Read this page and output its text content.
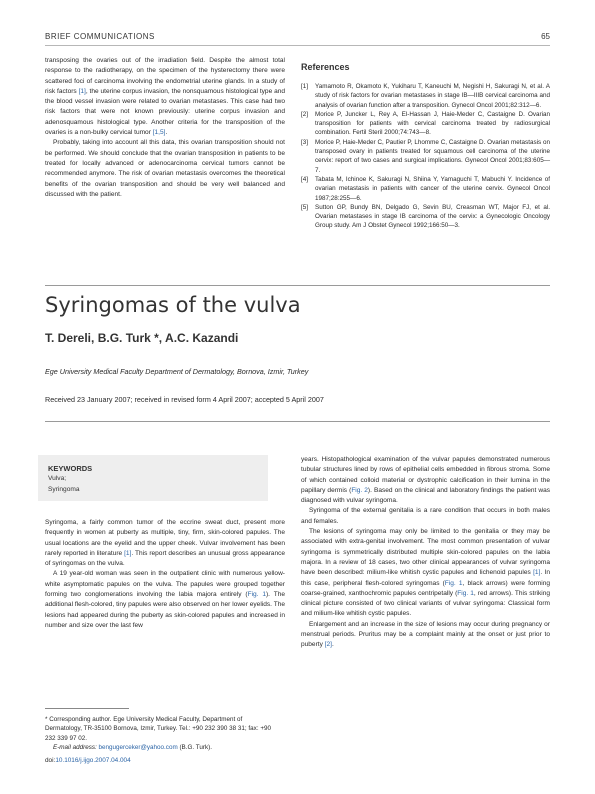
BRIEF COMMUNICATIONS	65

transposing the ovaries out of the irradiation field. Despite the almost total response to the radiotherapy, on the specimen of the hysterectomy there were scattered foci of carcinoma involving the endometrial uterine glands. In a study of risk factors [1], the uterine corpus invasion, the nonsquamous histological type and the blood vessel invasion were related to ovarian metastases. This case had two risk factors that were not known previously: uterine corpus invasion and adenosquamous histological type. Another criteria for the transposition of the ovaries is a non-bulky cervical tumor [1,5].

Probably, taking into account all this data, this ovarian transposition should not be performed. We should conclude that the ovarian transposition in patients to be treated for locally advanced or adenocarcinoma cervical tumors cannot be recommended anymore. The risk of ovarian metastasis overcomes the theoretical benefits of the ovarian transposition and should be very well balanced and discussed with the patient.

References
[1]	Yamamoto R, Okamoto K, Yukiharu T, Kaneuchi M, Negishi H, Sakuragi N, et al. A study of risk factors for ovarian metastases in stage IB—IIIB cervical carcinoma and analysis of ovarian function after a transposition. Gynecol Oncol 2001;82:312—6.
[2]	Morice P, Juncker L, Rey A, El-Hassan J, Haie-Meder C, Castaigne D. Ovarian transposition for patients with cervical carcinoma treated by radiosurgical combination. Fertil Steril 2000;74:743—8.
[3]	Morice P, Haie-Meder C, Pautier P, Lhomme C, Castaigne D. Ovarian metastasis on transposed ovary in patients treated for squamous cell carcinoma of the uterine cervix: report of two cases and surgical implications. Gynecol Oncol 2001;83:605—7.
[4]	Tabata M, Ichinoe K, Sakuragi N, Shiina Y, Yamaguchi T, Mabuchi Y. Incidence of ovarian metastasis in patients with cancer of the uterine cervix. Gynecol Oncol 1987;28:255—6.
[5]	Sutton GP, Bundy BN, Delgado G, Sevin BU, Creasman WT, Major FJ, et al. Ovarian metastases in stage IB carcinoma of the cervix: a Gynecologic Oncology Group study. Am J Obstet Gynecol 1992;166:50—3.
Syringomas of the vulva
T. Dereli, B.G. Turk *, A.C. Kazandi
Ege University Medical Faculty Department of Dermatology, Bornova, Izmir, Turkey
Received 23 January 2007; received in revised form 4 April 2007; accepted 5 April 2007
KEYWORDS
Vulva;
Syringoma

Syringoma, a fairly common tumor of the eccrine sweat duct, present more frequently in women at puberty as multiple, tiny, firm, skin-colored papules. The usual locations are the eyelid and the upper cheek. Vulvar involvement has been rarely reported in literature [1]. This report describes an unusual gross appearance of syringomas on the vulva.

A 19 year-old woman was seen in the outpatient clinic with numerous yellow-white asymptomatic papules on the vulva. The papules were grouped together forming two conglomerations involving the labia majora entirely (Fig. 1). The additional flesh-colored, tiny papules were also observed on her lower eyelids. The lesions had appeared during the puberty as skin-colored papules and increased in number and size over the last few

* Corresponding author. Ege University Medical Faculty, Department of Dermatology, TR-35100 Bornova, Izmir, Turkey. Tel.: +90 232 390 38 31; fax: +90 232 339 97 02.
E-mail address: bengugerceker@yahoo.com (B.G. Turk).
doi:10.1016/j.ijgo.2007.04.004

years. Histopathological examination of the vulvar papules demonstrated numerous tubular structures lined by rows of epithelial cells embedded in fibrous stroma. Some of which contained colloid material or dystrophic calcification in their lumina in the papillary dermis (Fig. 2). Based on the clinical and laboratory findings the patient was diagnosed with vulvar syringoma.

Syringoma of the external genitalia is a rare condition that occurs in both males and females.

The lesions of syringoma may only be limited to the genitalia or they may be associated with extra-genital involvement. The most common presentation of vulvar syringoma is symmetrically distributed multiple skin-colored papules on the labia majora. In a review of 18 cases, two other clinical appearances of vulvar syringoma have been described: milium-like whitish cystic papules and lichenoid papules [1]. In this case, peripheral flesh-colored syringomas (Fig. 1, black arrows) were forming coarse-grained, xanthochromic papules centripetally (Fig. 1, red arrows). This striking clinical picture consisted of two clinical variants of vulvar syringoma: Classical form and milium-like whitish cystic papules.

Enlargement and an increase in the size of lesions may occur during pregnancy or menstrual periods. Pruritus may be a complaint mainly at the onset or just prior to puberty [2].
